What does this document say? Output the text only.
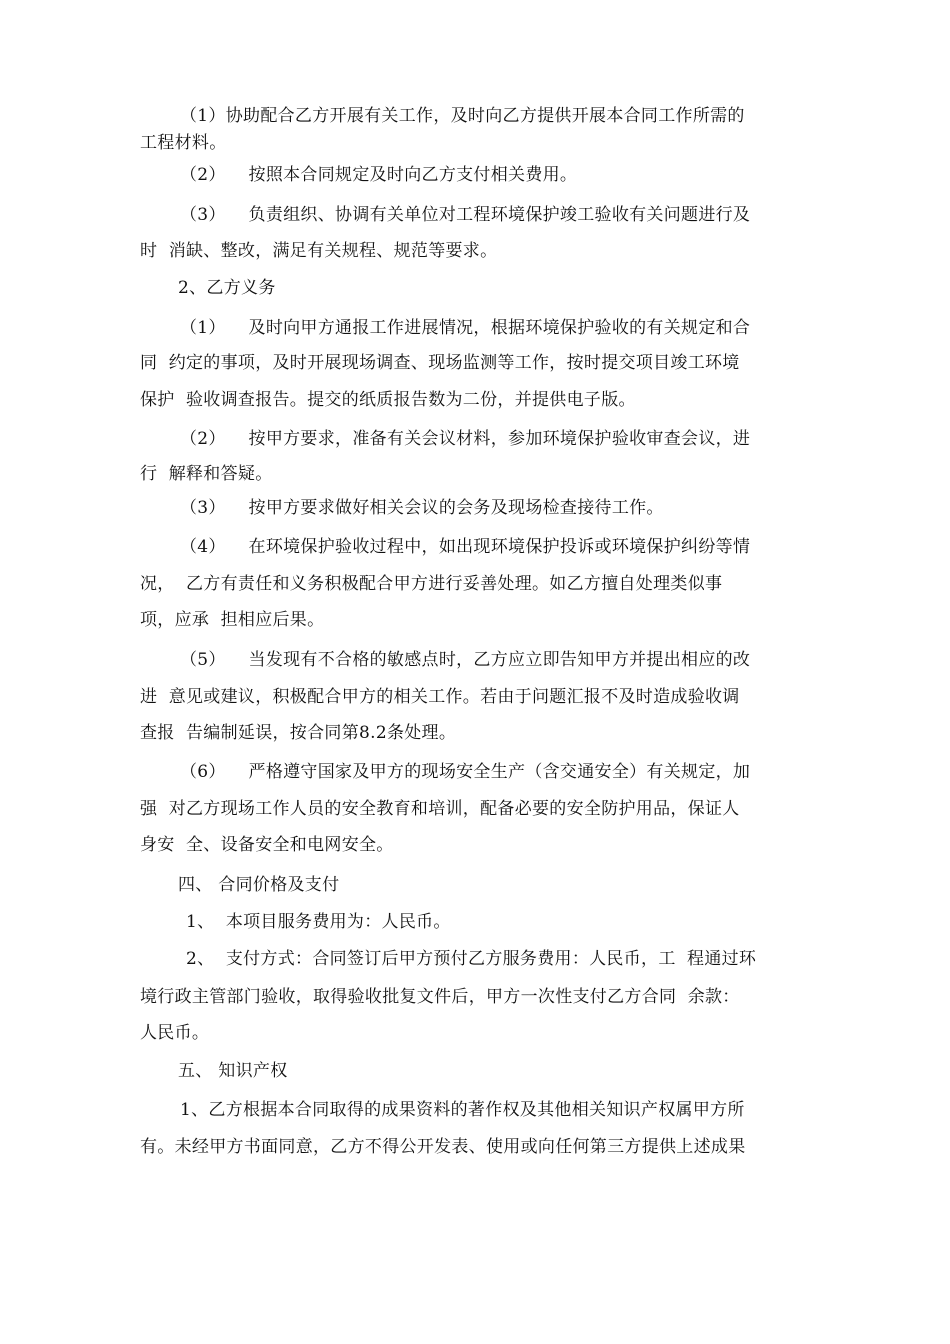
（1）协助配合乙方开展有关工作，及时向乙方提供开展本合同工作所需的
工程材料。
（2）    按照本合同规定及时向乙方支付相关费用。
（3）    负责组织、协调有关单位对工程环境保护竣工验收有关问题进行及
时  消缺、整改，满足有关规程、规范等要求。
2、乙方义务
（1）    及时向甲方通报工作进展情况，根据环境保护验收的有关规定和合
同  约定的事项，及时开展现场调查、现场监测等工作，按时提交项目竣工环境
保护  验收调查报告。提交的纸质报告数为二份，并提供电子版。
（2）    按甲方要求，准备有关会议材料，参加环境保护验收审查会议，进
行  解释和答疑。
（3）    按甲方要求做好相关会议的会务及现场检查接待工作。
（4）    在环境保护验收过程中，如出现环境保护投诉或环境保护纠纷等情
况，  乙方有责任和义务积极配合甲方进行妥善处理。如乙方擅自处理类似事
项，应承  担相应后果。
（5）    当发现有不合格的敏感点时，乙方应立即告知甲方并提出相应的改
进  意见或建议，积极配合甲方的相关工作。若由于问题汇报不及时造成验收调
查报  告编制延误，按合同第8.2条处理。
（6）    严格遵守国家及甲方的现场安全生产（含交通安全）有关规定，加
强  对乙方现场工作人员的安全教育和培训，配备必要的安全防护用品，保证人
身安  全、设备安全和电网安全。
四、 合同价格及支付
1、  本项目服务费用为：人民币。
2、  支付方式：合同签订后甲方预付乙方服务费用：人民币，工  程通过环
境行政主管部门验收，取得验收批复文件后，甲方一次性支付乙方合同  余款：
人民币。
五、 知识产权
1、乙方根据本合同取得的成果资料的著作权及其他相关知识产权属甲方所
有。未经甲方书面同意，乙方不得公开发表、使用或向任何第三方提供上述成果
